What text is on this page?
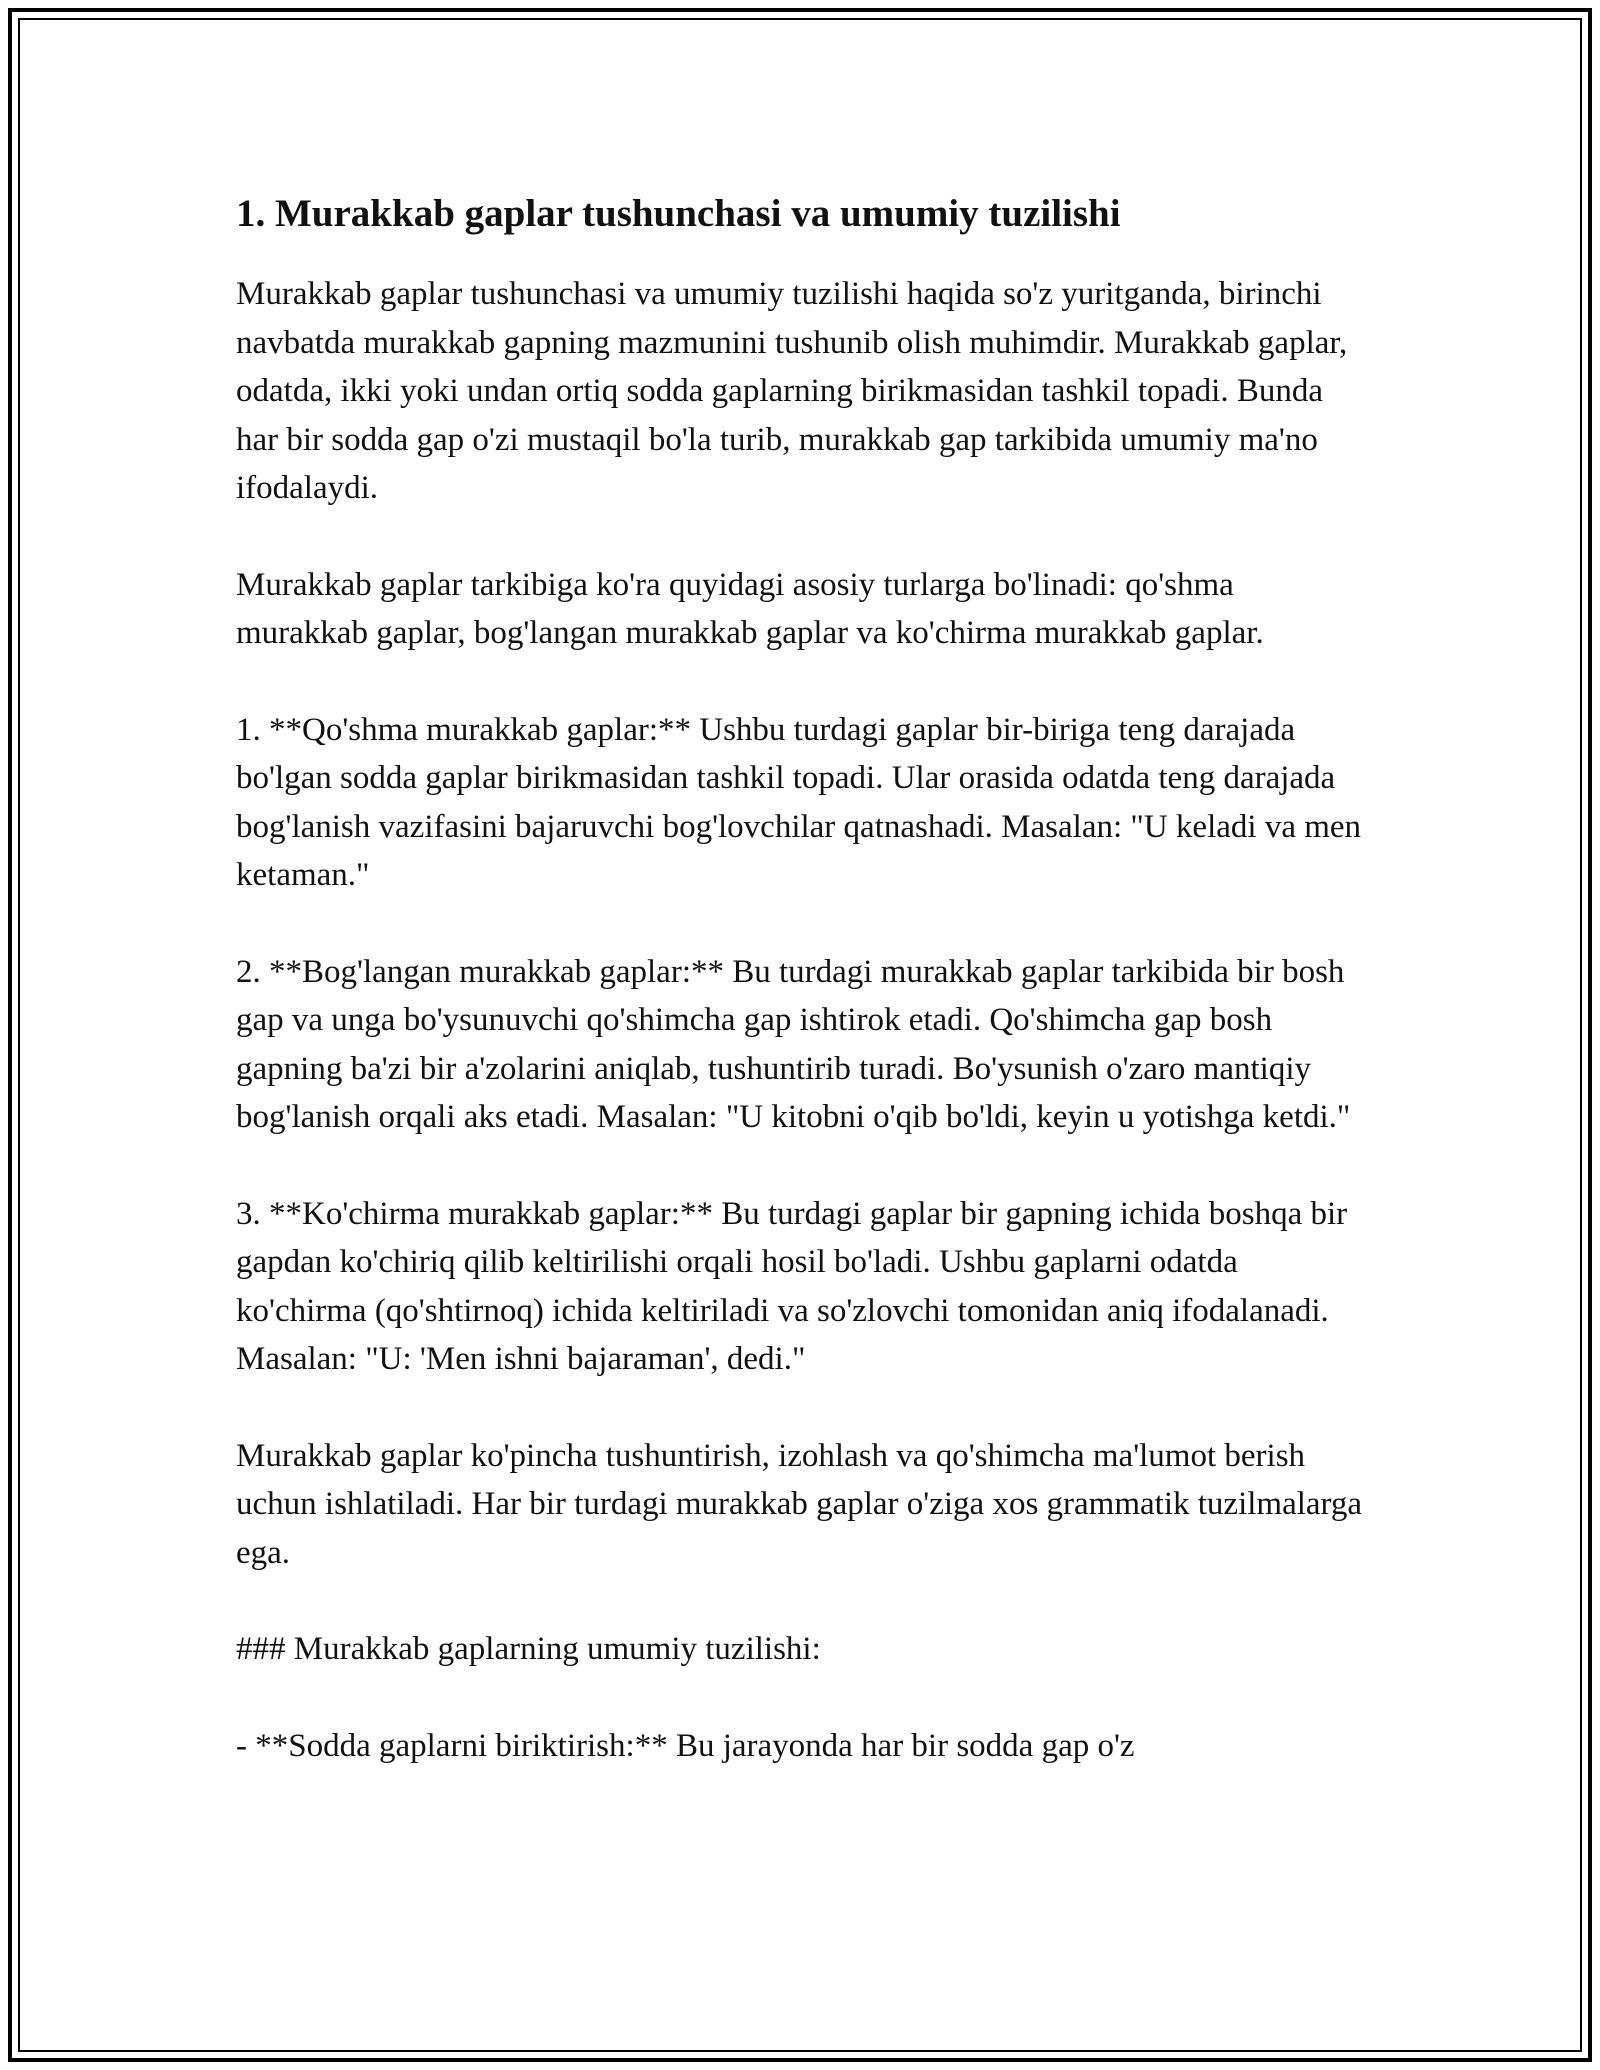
1. Murakkab gaplar tushunchasi va umumiy tuzilishi

Murakkab gaplar tushunchasi va umumiy tuzilishi haqida so'z yuritganda, birinchi navbatda murakkab gapning mazmunini tushunib olish muhimdir. Murakkab gaplar, odatda, ikki yoki undan ortiq sodda gaplarning birikmasidan tashkil topadi. Bunda har bir sodda gap o'zi mustaqil bo'la turib, murakkab gap tarkibida umumiy ma'no ifodalaydi.

Murakkab gaplar tarkibiga ko'ra quyidagi asosiy turlarga bo'linadi: qo'shma murakkab gaplar, bog'langan murakkab gaplar va ko'chirma murakkab gaplar.

1. **Qo'shma murakkab gaplar:** Ushbu turdagi gaplar bir-biriga teng darajada bo'lgan sodda gaplar birikmasidan tashkil topadi. Ular orasida odatda teng darajada bog'lanish vazifasini bajaruvchi bog'lovchilar qatnashadi. Masalan: "U keladi va men ketaman."

2. **Bog'langan murakkab gaplar:** Bu turdagi murakkab gaplar tarkibida bir bosh gap va unga bo'ysunuvchi qo'shimcha gap ishtirok etadi. Qo'shimcha gap bosh gapning ba'zi bir a'zolarini aniqlab, tushuntirib turadi. Bo'ysunish o'zaro mantiqiy bog'lanish orqali aks etadi. Masalan: "U kitobni o'qib bo'ldi, keyin u yotishga ketdi."

3. **Ko'chirma murakkab gaplar:** Bu turdagi gaplar bir gapning ichida boshqa bir gapdan ko'chiriq qilib keltirilishi orqali hosil bo'ladi. Ushbu gaplarni odatda ko'chirma (qo'shtirnoq) ichida keltiriladi va so'zlovchi tomonidan aniq ifodalanadi. Masalan: "U: 'Men ishni bajaraman', dedi."

Murakkab gaplar ko'pincha tushuntirish, izohlash va qo'shimcha ma'lumot berish uchun ishlatiladi. Har bir turdagi murakkab gaplar o'ziga xos grammatik tuzilmalarga ega.

### Murakkab gaplarning umumiy tuzilishi:

- **Sodda gaplarni biriktirish:** Bu jarayonda har bir sodda gap o'z
